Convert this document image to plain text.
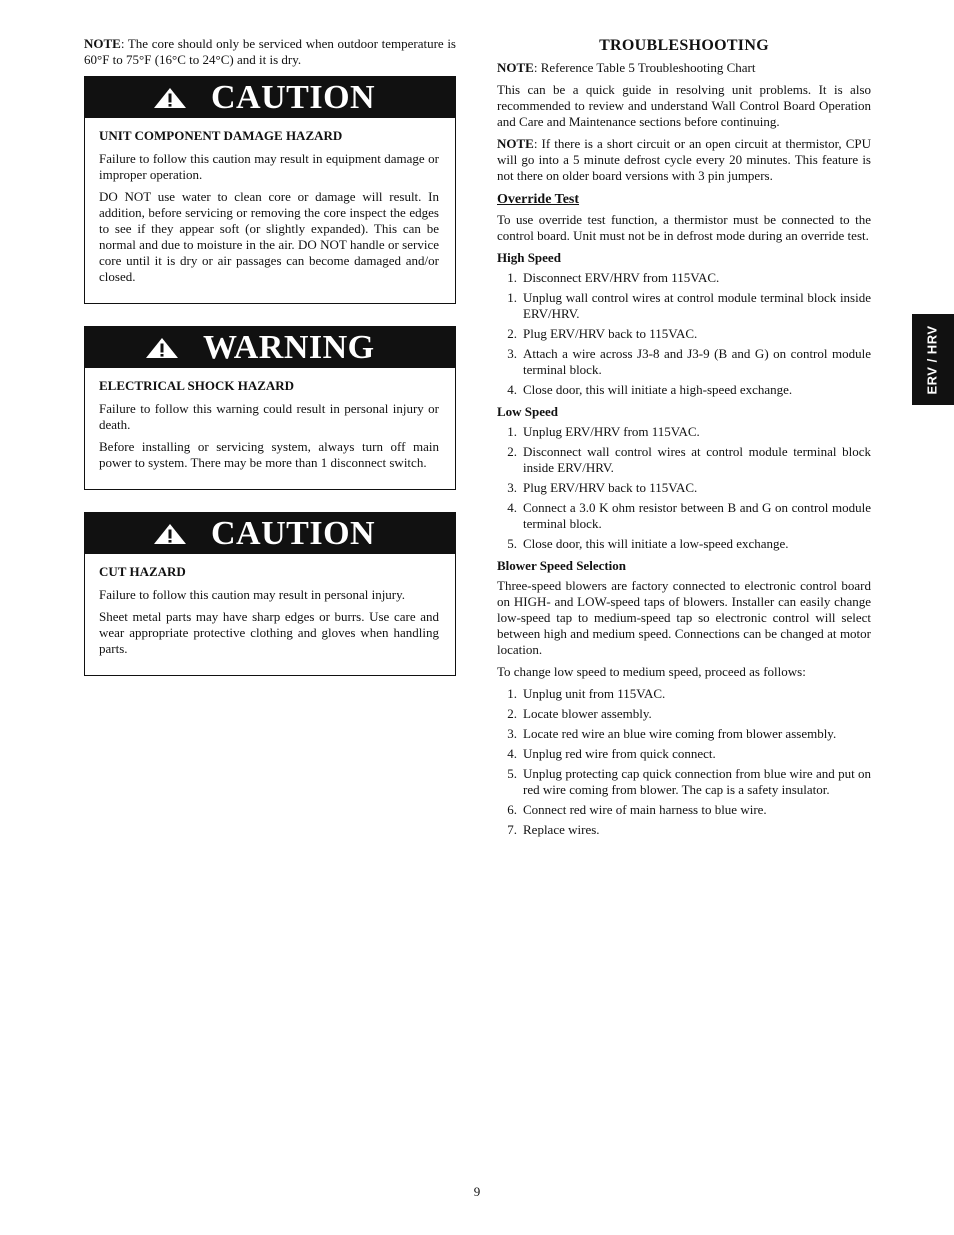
NOTE: The core should only be serviced when outdoor temperature is 60°F to 75°F (16°C to 24°C) and it is dry.

CAUTION

UNIT COMPONENT DAMAGE HAZARD

Failure to follow this caution may result in equipment damage or improper operation.

DO NOT use water to clean core or damage will result. In addition, before servicing or removing the core inspect the edges to see if they appear soft (or slightly expanded). This can be normal and due to moisture in the air. DO NOT handle or service core until it is dry or air passages can become damaged and/or closed.

WARNING

ELECTRICAL SHOCK HAZARD

Failure to follow this warning could result in personal injury or death.

Before installing or servicing system, always turn off main power to system. There may be more than 1 disconnect switch.

CAUTION

CUT HAZARD

Failure to follow this caution may result in personal injury.

Sheet metal parts may have sharp edges or burrs. Use care and wear appropriate protective clothing and gloves when handling parts.

TROUBLESHOOTING

NOTE: Reference Table 5 Troubleshooting Chart

This can be a quick guide in resolving unit problems. It is also recommended to review and understand Wall Control Board Operation and Care and Maintenance sections before continuing.

NOTE: If there is a short circuit or an open circuit at thermistor, CPU will go into a 5 minute defrost cycle every 20 minutes. This feature is not there on older board versions with 3 pin jumpers.

Override Test

To use override test function, a thermistor must be connected to the control board. Unit must not be in defrost mode during an override test.

High Speed
1. Disconnect ERV/HRV from 115VAC.
1. Unplug wall control wires at control module terminal block inside ERV/HRV.
2. Plug ERV/HRV back to 115VAC.
3. Attach a wire across J3-8 and J3-9 (B and G) on control module terminal block.
4. Close door, this will initiate a high-speed exchange.
Low Speed
1. Unplug ERV/HRV from 115VAC.
2. Disconnect wall control wires at control module terminal block inside ERV/HRV.
3. Plug ERV/HRV back to 115VAC.
4. Connect a 3.0 K ohm resistor between B and G on control module terminal block.
5. Close door, this will initiate a low-speed exchange.
Blower Speed Selection

Three-speed blowers are factory connected to electronic control board on HIGH- and LOW-speed taps of blowers. Installer can easily change low-speed tap to medium-speed tap so electronic control will select between high and medium speed. Connections can be changed at motor location.

To change low speed to medium speed, proceed as follows:

1. Unplug unit from 115VAC.
2. Locate blower assembly.
3. Locate red wire an blue wire coming from blower assembly.
4. Unplug red wire from quick connect.
5. Unplug protecting cap quick connection from blue wire and put on red wire coming from blower. The cap is a safety insulator.
6. Connect red wire of main harness to blue wire.
7. Replace wires.
ERV / HRV
9
